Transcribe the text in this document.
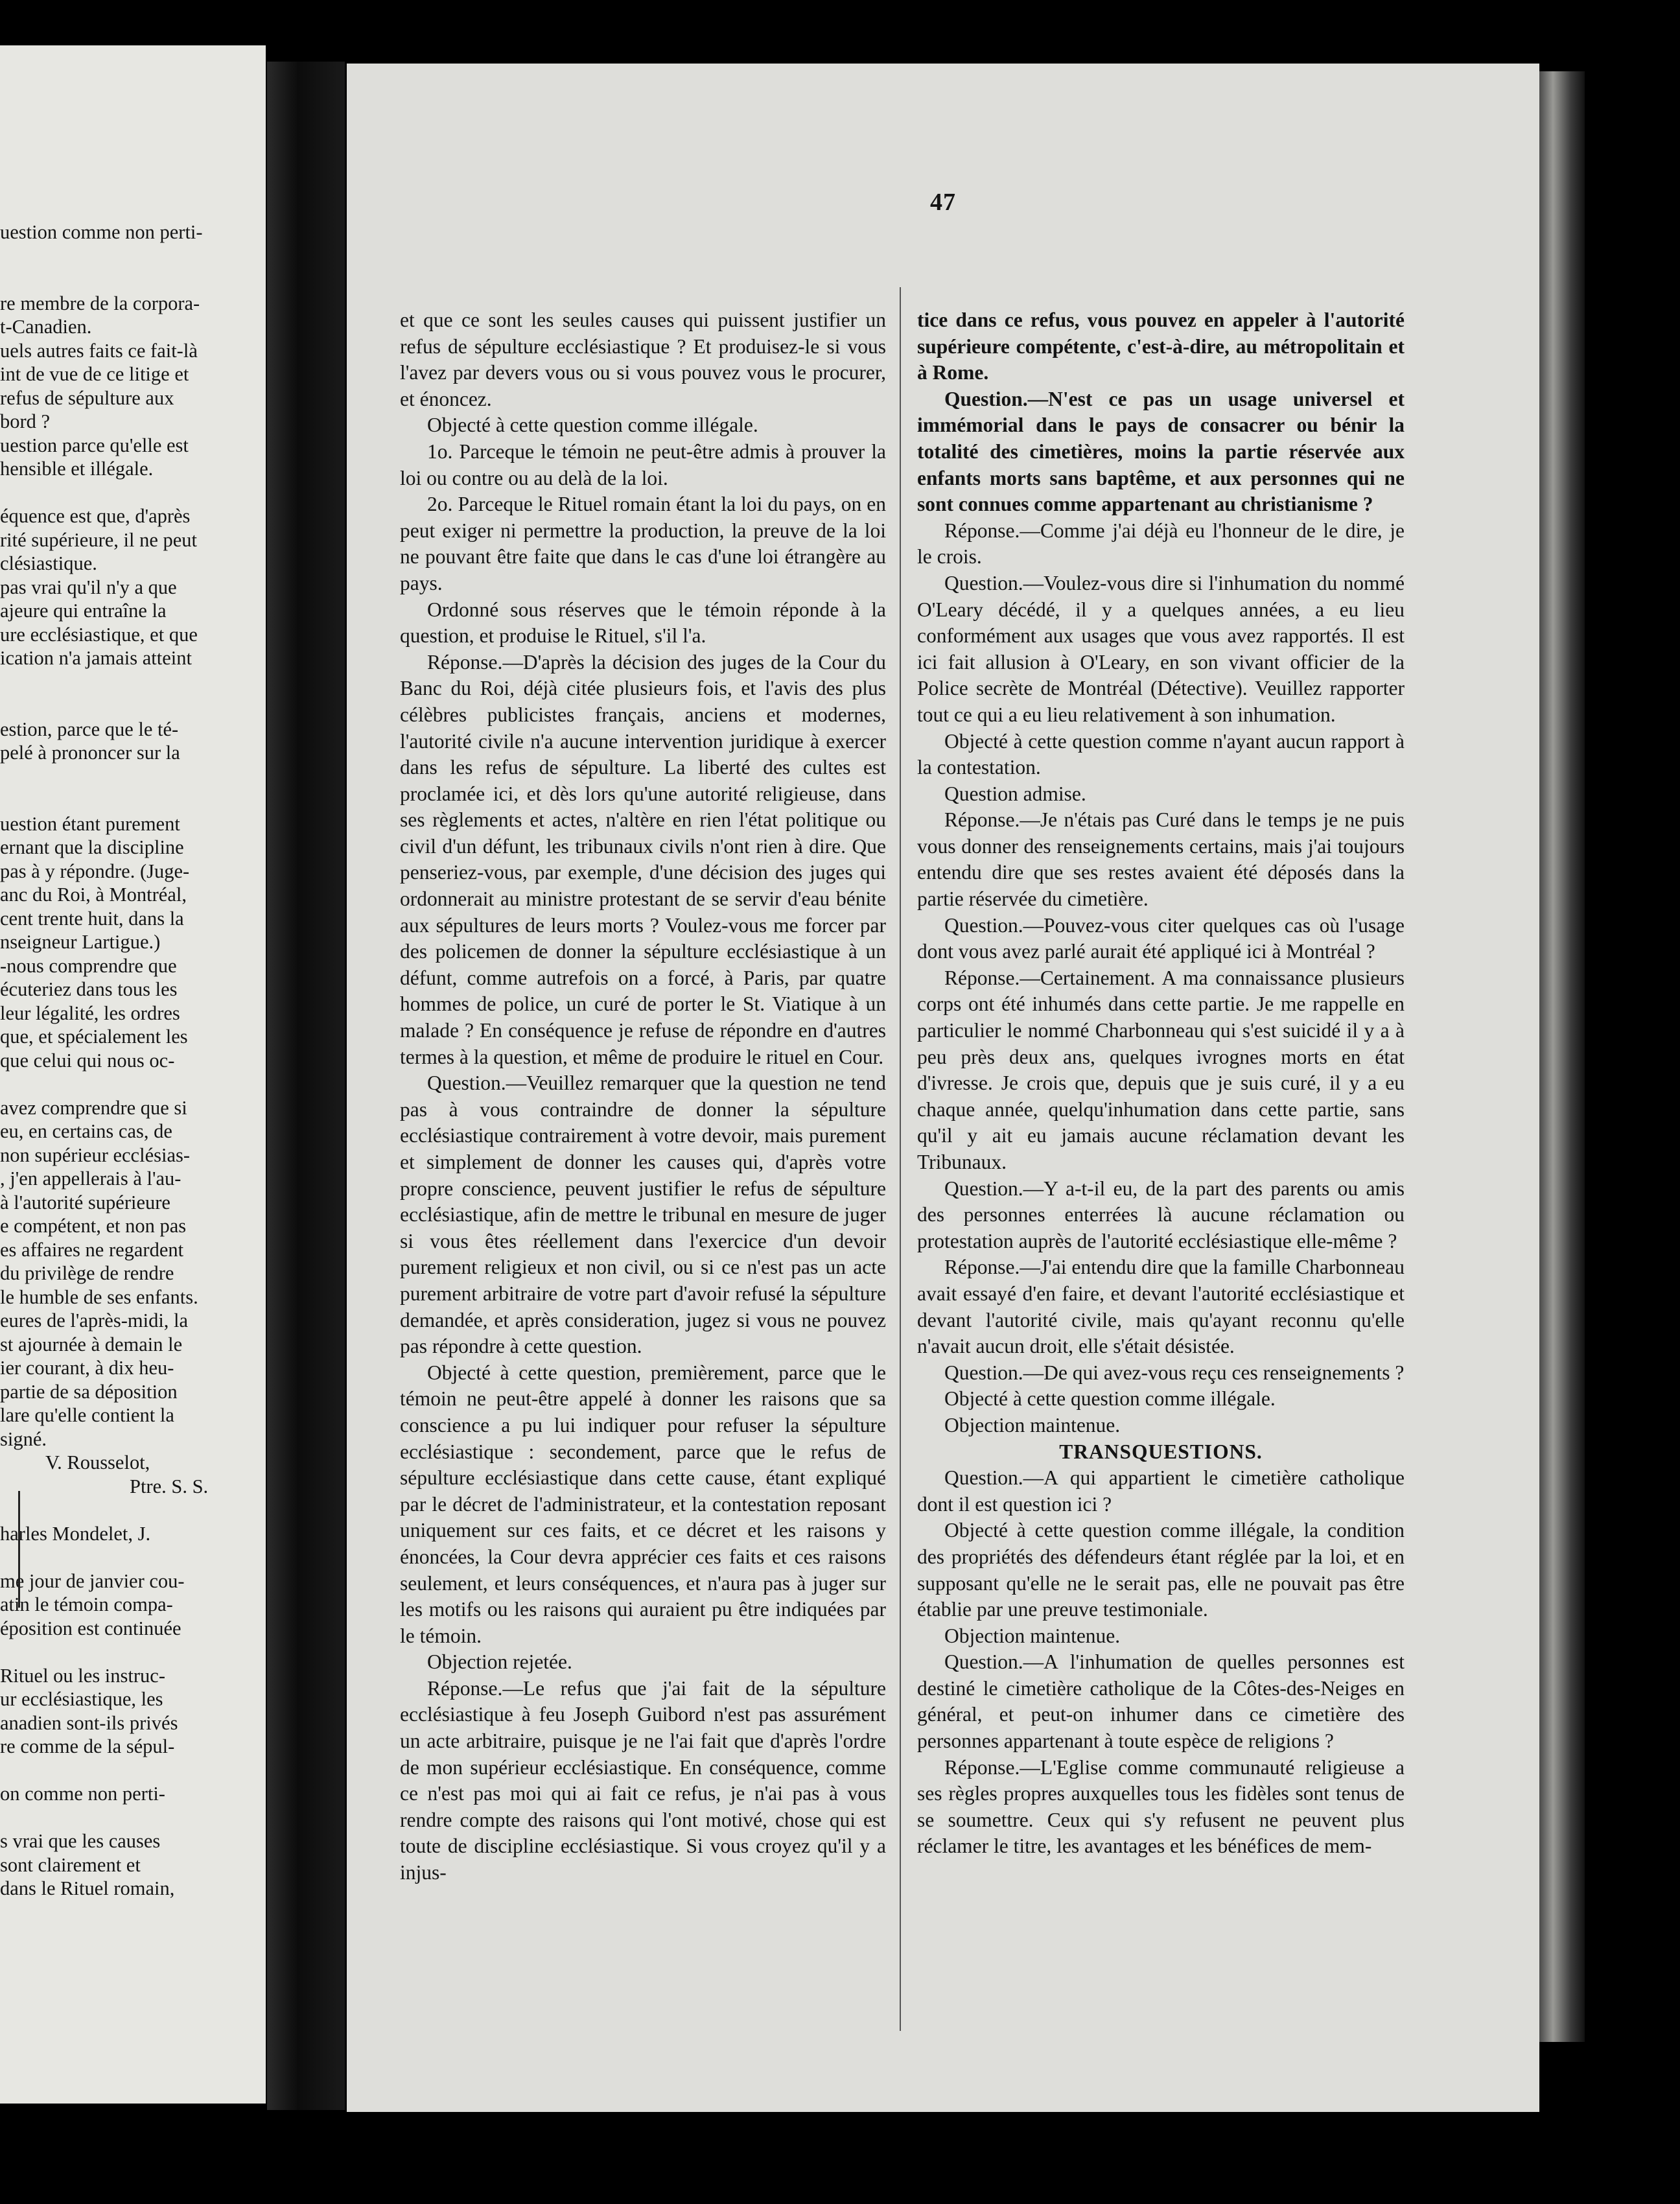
uestion comme non perti-
re membre de la corpora-
t-Canadien.
uels autres faits ce fait-là
int de vue de ce litige et
refus de sépulture aux
bord ?
uestion parce qu'elle est
hensible et illégale.
équence est que, d'après
rité supérieure, il ne peut
clésiastique.
pas vrai qu'il n'y a que
ajeure qui entraîne la
ure ecclésiastique, et que
ication n'a jamais atteint
estion, parce que le té-
pelé à prononcer sur la
uestion étant purement
ernant que la discipline
pas à y répondre. (Juge-
anc du Roi, à Montréal,
cent trente huit, dans la
nseigneur Lartigue.)
-nous comprendre que
écuteriez dans tous les
leur légalité, les ordres
que, et spécialement les
que celui qui nous oc-
avez comprendre que si
eu, en certains cas, de
non supérieur ecclésias-
, j'en appellerais à l'au-
à l'autorité supérieure
e compétent, et non pas
es affaires ne regardent
du privilège de rendre
le humble de ses enfants.
eures de l'après-midi, la
st ajournée à demain le
ier courant, à dix heu-
partie de sa déposition
lare qu'elle contient la
signé.
V. Rousselot,
Ptre. S. S.
harles Mondelet, J.
me jour de janvier cou-
atin le témoin compa-
éposition est continuée
Rituel ou les instruc-
ur ecclésiastique, les
anadien sont-ils privés
re comme de la sépul-
on comme non perti-
s vrai que les causes
sont clairement et
dans le Rituel romain,
47

et que ce sont les seules causes qui puissent justifier un refus de sépulture ecclésiastique ? Et produisez-le si vous l'avez par devers vous ou si vous pouvez vous le procurer, et énoncez.

Objecté à cette question comme illégale.

1o. Parceque le témoin ne peut-être admis à prouver la loi ou contre ou au delà de la loi.

2o. Parceque le Rituel romain étant la loi du pays, on en peut exiger ni permettre la production, la preuve de la loi ne pouvant être faite que dans le cas d'une loi étrangère au pays.

Ordonné sous réserves que le témoin réponde à la question, et produise le Rituel, s'il l'a.

Réponse.—D'après la décision des juges de la Cour du Banc du Roi, déjà citée plusieurs fois, et l'avis des plus célèbres publicistes français, anciens et modernes, l'autorité civile n'a aucune intervention juridique à exercer dans les refus de sépulture. La liberté des cultes est proclamée ici, et dès lors qu'une autorité religieuse, dans ses règlements et actes, n'altère en rien l'état politique ou civil d'un défunt, les tribunaux civils n'ont rien à dire. Que penseriez-vous, par exemple, d'une décision des juges qui ordonnerait au ministre protestant de se servir d'eau bénite aux sépultures de leurs morts ? Voulez-vous me forcer par des policemen de donner la sépulture ecclésiastique à un défunt, comme autrefois on a forcé, à Paris, par quatre hommes de police, un curé de porter le St. Viatique à un malade ? En conséquence je refuse de répondre en d'autres termes à la question, et même de produire le rituel en Cour.

Question.—Veuillez remarquer que la question ne tend pas à vous contraindre de donner la sépulture ecclésiastique contrairement à votre devoir, mais purement et simplement de donner les causes qui, d'après votre propre conscience, peuvent justifier le refus de sépulture ecclésiastique, afin de mettre le tribunal en mesure de juger si vous êtes réellement dans l'exercice d'un devoir purement religieux et non civil, ou si ce n'est pas un acte purement arbitraire de votre part d'avoir refusé la sépulture demandée, et après consideration, jugez si vous ne pouvez pas répondre à cette question.

Objecté à cette question, premièrement, parce que le témoin ne peut-être appelé à donner les raisons que sa conscience a pu lui indiquer pour refuser la sépulture ecclésiastique : secondement, parce que le refus de sépulture ecclésiastique dans cette cause, étant expliqué par le décret de l'administrateur, et la contestation reposant uniquement sur ces faits, et ce décret et les raisons y énoncées, la Cour devra apprécier ces faits et ces raisons seulement, et leurs conséquences, et n'aura pas à juger sur les motifs ou les raisons qui auraient pu être indiquées par le témoin.

Objection rejetée.

Réponse.—Le refus que j'ai fait de la sépulture ecclésiastique à feu Joseph Guibord n'est pas assurément un acte arbitraire, puisque je ne l'ai fait que d'après l'ordre de mon supérieur ecclésiastique. En conséquence, comme ce n'est pas moi qui ai fait ce refus, je n'ai pas à vous rendre compte des raisons qui l'ont motivé, chose qui est toute de discipline ecclésiastique. Si vous croyez qu'il y a injus-

tice dans ce refus, vous pouvez en appeler à l'autorité supérieure compétente, c'est-à-dire, au métropolitain et à Rome.

Question.—N'est ce pas un usage universel et immémorial dans le pays de consacrer ou bénir la totalité des cimetières, moins la partie réservée aux enfants morts sans baptême, et aux personnes qui ne sont connues comme appartenant au christianisme ?

Réponse.—Comme j'ai déjà eu l'honneur de le dire, je le crois.

Question.—Voulez-vous dire si l'inhumation du nommé O'Leary décédé, il y a quelques années, a eu lieu conformément aux usages que vous avez rapportés. Il est ici fait allusion à O'Leary, en son vivant officier de la Police secrète de Montréal (Détective). Veuillez rapporter tout ce qui a eu lieu relativement à son inhumation.

Objecté à cette question comme n'ayant aucun rapport à la contestation.

Question admise.

Réponse.—Je n'étais pas Curé dans le temps je ne puis vous donner des renseignements certains, mais j'ai toujours entendu dire que ses restes avaient été déposés dans la partie réservée du cimetière.

Question.—Pouvez-vous citer quelques cas où l'usage dont vous avez parlé aurait été appliqué ici à Montréal ?

Réponse.—Certainement. A ma connaissance plusieurs corps ont été inhumés dans cette partie. Je me rappelle en particulier le nommé Charbonneau qui s'est suicidé il y a à peu près deux ans, quelques ivrognes morts en état d'ivresse. Je crois que, depuis que je suis curé, il y a eu chaque année, quelqu'inhumation dans cette partie, sans qu'il y ait eu jamais aucune réclamation devant les Tribunaux.

Question.—Y a-t-il eu, de la part des parents ou amis des personnes enterrées là aucune réclamation ou protestation auprès de l'autorité ecclésiastique elle-même ?

Réponse.—J'ai entendu dire que la famille Charbonneau avait essayé d'en faire, et devant l'autorité ecclésiastique et devant l'autorité civile, mais qu'ayant reconnu qu'elle n'avait aucun droit, elle s'était désistée.

Question.—De qui avez-vous reçu ces renseignements ?

Objecté à cette question comme illégale.

Objection maintenue.

TRANSQUESTIONS.

Question.—A qui appartient le cimetière catholique dont il est question ici ?

Objecté à cette question comme illégale, la condition des propriétés des défendeurs étant réglée par la loi, et en supposant qu'elle ne le serait pas, elle ne pouvait pas être établie par une preuve testimoniale.

Objection maintenue.

Question.—A l'inhumation de quelles personnes est destiné le cimetière catholique de la Côtes-des-Neiges en général, et peut-on inhumer dans ce cimetière des personnes appartenant à toute espèce de religions ?

Réponse.—L'Eglise comme communauté religieuse a ses règles propres auxquelles tous les fidèles sont tenus de se soumettre. Ceux qui s'y refusent ne peuvent plus réclamer le titre, les avantages et les bénéfices de mem-
